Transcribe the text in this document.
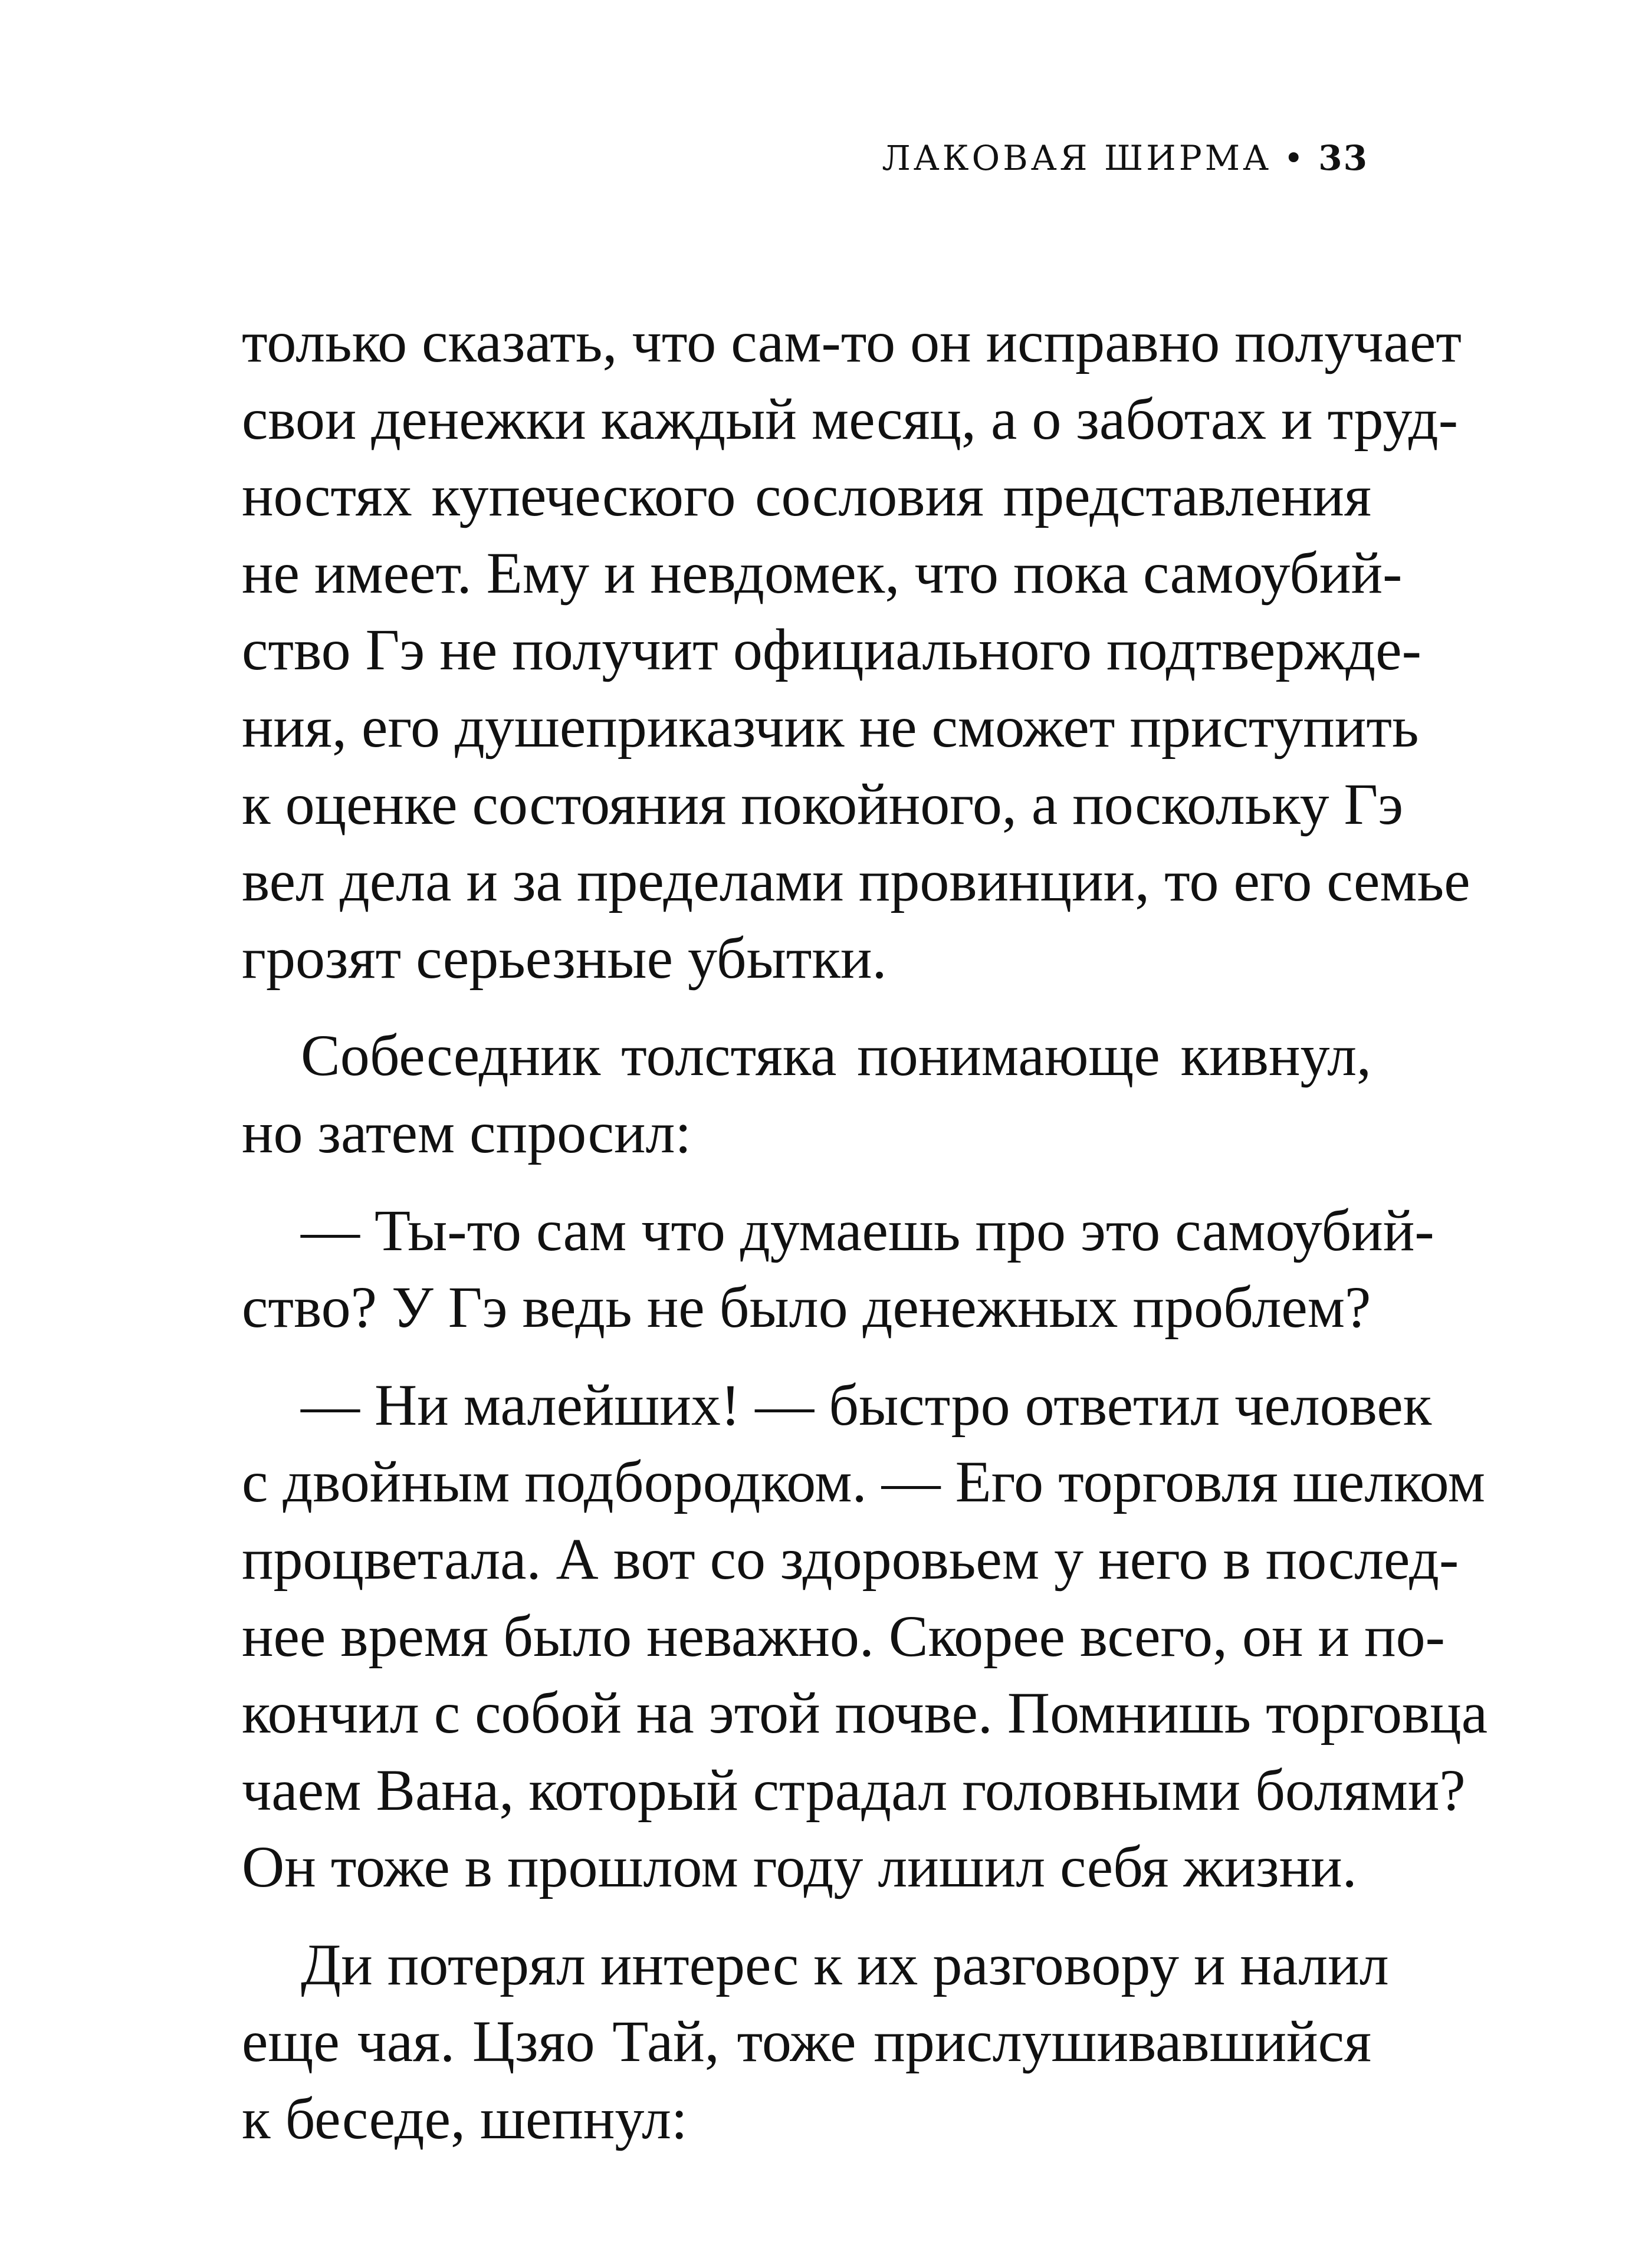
ЛАКОВАЯ ШИРМА • 33

только сказать, что сам-то он исправно получает
свои денежки каждый месяц, а о заботах и труд-
ностях купеческого сословия представления
не имеет. Ему и невдомек, что пока самоубий-
ство Гэ не получит официального подтвержде-
ния, его душеприказчик не сможет приступить
к оценке состояния покойного, а поскольку Гэ
вел дела и за пределами провинции, то его семье
грозят серьезные убытки.

Собеседник толстяка понимающе кивнул,
но затем спросил:

— Ты-то сам что думаешь про это самоубий-
ство? У Гэ ведь не было денежных проблем?

— Ни малейших! — быстро ответил человек
с двойным подбородком. — Его торговля шелком
процветала. А вот со здоровьем у него в послед-
нее время было неважно. Скорее всего, он и по-
кончил с собой на этой почве. Помнишь торговца
чаем Вана, который страдал головными болями?
Он тоже в прошлом году лишил себя жизни.

Ди потерял интерес к их разговору и налил
еще чая. Цзяо Тай, тоже прислушивавшийся
к беседе, шепнул:
